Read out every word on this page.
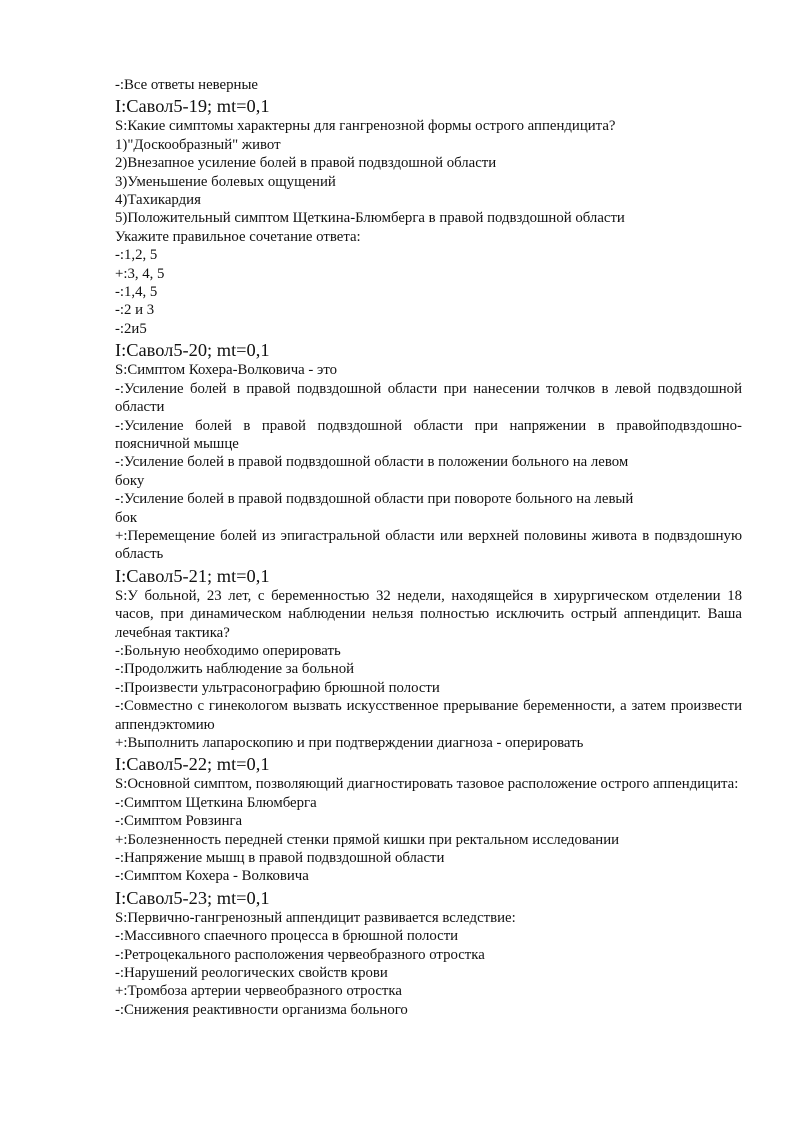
-:Все ответы неверные
I:Савол5-19; mt=0,1
S:Какие симптомы характерны для гангренозной формы острого аппендицита?
1)"Доскообразный" живот
2)Внезапное усиление болей в правой подвздошной области
3)Уменьшение болевых ощущений
4)Тахикардия
5)Положительный симптом Щеткина-Блюмберга в правой подвздошной области
Укажите правильное сочетание ответа:
-:1,2, 5
+:3, 4, 5
-:1,4, 5
-:2 и 3
-:2и5
I:Савол5-20; mt=0,1
S:Симптом Кохера-Волковича - это
-:Усиление болей в правой подвздошной области при нанесении толчков в левой подвздошной области
-:Усиление болей в правой подвздошной области при напряжении в правойподвздошно-поясничной мышце
-:Усиление болей в правой подвздошной области в положении больного на левом
боку
-:Усиление болей в правой подвздошной области при повороте больного на левый
бок
+:Перемещение болей из эпигастральной области или верхней половины живота в подвздошную область
I:Савол5-21; mt=0,1
S:У больной, 23 лет, с беременностью 32 недели, находящейся в хирургическом отделении 18 часов, при динамическом наблюдении нельзя полностью исключить острый аппендицит. Ваша лечебная тактика?
-:Больную необходимо оперировать
-:Продолжить наблюдение за больной
-:Произвести ультрасонографию брюшной полости
-:Совместно с гинекологом вызвать искусственное прерывание беременности, а затем произвести аппендэктомию
+:Выполнить лапароскопию и при подтверждении диагноза - оперировать
I:Савол5-22; mt=0,1
S:Основной симптом, позволяющий диагностировать тазовое расположение острого аппендицита:
-:Симптом Щеткина Блюмберга
-:Симптом Ровзинга
+:Болезненность передней стенки прямой кишки при ректальном исследовании
-:Напряжение мышц в правой подвздошной области
-:Симптом Кохера - Волковича
I:Савол5-23; mt=0,1
S:Первично-гангренозный аппендицит развивается вследствие:
-:Массивного спаечного процесса в брюшной полости
-:Ретроцекального расположения червеобразного отростка
-:Нарушений реологических свойств крови
+:Тромбоза артерии червеобразного отростка
-:Снижения реактивности организма больного
